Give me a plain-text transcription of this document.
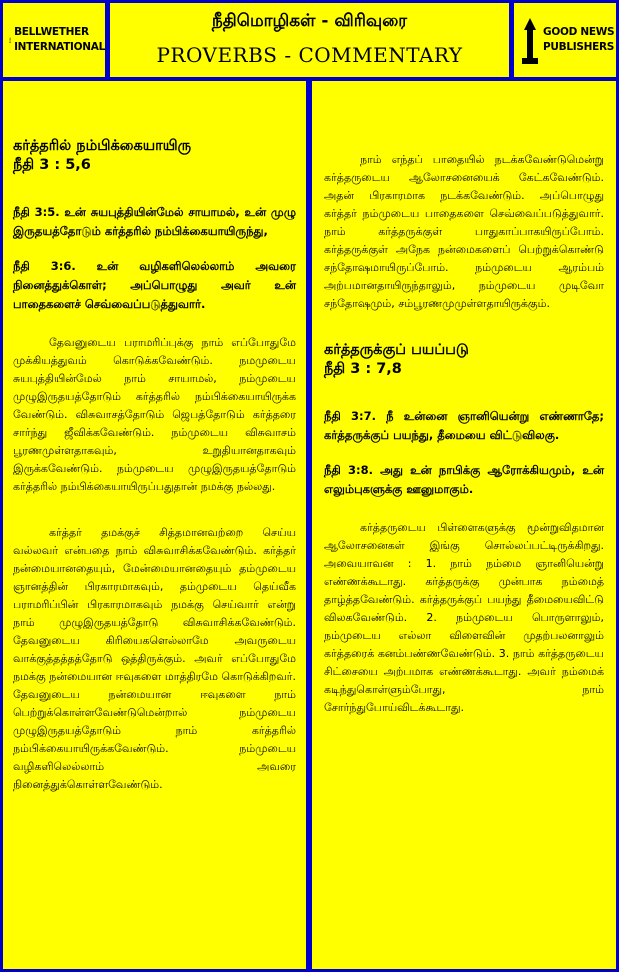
BELLWETHER
INTERNATIONAL
நீதிமொழிகள் - விரிவுரை
PROVERBS - COMMENTARY
GOOD NEWS
PUBLISHERS
கர்த்தரில் நம்பிக்கையாயிரு
நீதி 3 : 5,6

நீதி 3:5. உன் சுயபுத்தியின்மேல் சாயாமல், உன் முழு இருதயத்தோடும் கர்த்தரில் நம்பிக்கையாயிருந்து,

நீதி 3:6. உன் வழிகளிலெல்லாம் அவரை நினைத்துக்கொள்; அப்பொழுது அவர் உன் பாதைகளைச் செவ்வைப்படுத்துவார்.

தேவனுடைய பராமரிப்புக்கு நாம் எப்போதுமே முக்கியத்துவம் கொடுக்கவேண்டும். நமமுடைய சுயபுத்தியின்மேல் நாம் சாயாமல், நம்முடைய முழுஇருதயத்தோடும் கர்த்தரில் நம்பிக்கையாயிருக்க வேண்டும். விசுவாசத்தோடும் ஜெபத்தோடும் கர்த்தரை சார்ந்து ஜீவிக்கவேண்டும். நம்முடைய விசுவாசம் பூரணமுள்ளதாகவும், உறுதியானதாகவும் இருக்கவேண்டும். நம்முடைய முழுஇருதயத்தோடும் கர்த்தரில் நம்பிக்கையாயிருப்பதுதான் நமக்கு நல்லது.

கர்த்தர் தமக்குச் சித்தமானவற்றை செய்ய வல்லவர் என்பதை நாம் விசுவாசிக்கவேண்டும். கர்த்தர் நன்மையானதையும், மேன்மையானதையும் தம்முடைய ஞானத்தின் பிரகாரமாகவும், தம்முடைய தெய்வீக பராமரிப்பின் பிரகாரமாகவும் நமக்கு செய்வார் என்று நாம் முழுஇருதயத்தோடு விசுவாசிக்கவேண்டும். தேவனுடைய கிரியைகளெல்லாமே அவருடைய வாக்குத்தத்தத்தோடு ஒத்திருக்கும். அவர் எப்போதுமே நமக்கு நன்மையான ஈவுகளை மாத்திரமே கொடுக்கிறவர். தேவனுடைய நன்மையான ஈவுகளை நாம் பெற்றுக்கொள்ளவேண்டுமென்றால் நம்முடைய முழுஇருதயத்தோடும் நாம் கர்த்தரில் நம்பிக்கையாயிருக்கவேண்டும். நம்முடைய வழிகளிலெல்லாம் அவரை நினைத்துக்கொள்ளவேண்டும்.

நாம் எந்தப் பாதையில் நடக்கவேண்டுமென்று கர்த்தருடைய ஆலோசனையைக் கேட்கவேண்டும். அதன் பிரகாரமாக நடக்கவேண்டும். அப்பொழுது கர்த்தர் நம்முடைய பாதைகளை செவ்வைப்படுத்துவார். நாம் கர்த்தருக்குள் பாதுகாப்பாகயிருப்போம். கர்த்தருக்குள் அநேக நன்மைகளைப் பெற்றுக்கொண்டு சந்தோஷமாயிருப்போம். நம்முடைய ஆரம்பம் அற்பமானதாயிருந்தாலும், நம்முடைய முடிவோ சந்தோஷமும், சம்பூரணமுமுள்ளதாயிருக்கும்.

கர்த்தருக்குப் பயப்படு
நீதி 3 : 7,8

நீதி 3:7. நீ உன்னை ஞானியென்று எண்ணாதே; கர்த்தருக்குப் பயந்து, தீமையை விட்டுவிலகு.

நீதி 3:8. அது உன் நாபிக்கு ஆரோக்கியமும், உன் எலும்புகளுக்கு ஊனுமாகும்.

கர்த்தருடைய பிள்ளைகளுக்கு மூன்றுவிதமான ஆலோசனைகள் இங்கு சொல்லப்பட்டிருக்கிறது. அவையாவன : 1. நாம் நம்மை ஞானியென்று எண்ணக்கூடாது. கர்த்தருக்கு முன்பாக நம்மைத் தாழ்த்தவேண்டும். கர்த்தருக்குப் பயந்து தீமையைவிட்டு விலகவேண்டும். 2. நம்முடைய பொருளாலும், நம்முடைய எல்லா விளைவின் முதற்பலனாலும் கர்த்தரைக் கனம்பண்ணவேண்டும். 3. நாம் கர்த்தருடைய சிட்சையை அற்பமாக எண்ணக்கூடாது. அவர் நம்மைக் கடிந்துகொள்ளும்போது, நாம் சோர்ந்துபோய்விடக்கூடாது.
